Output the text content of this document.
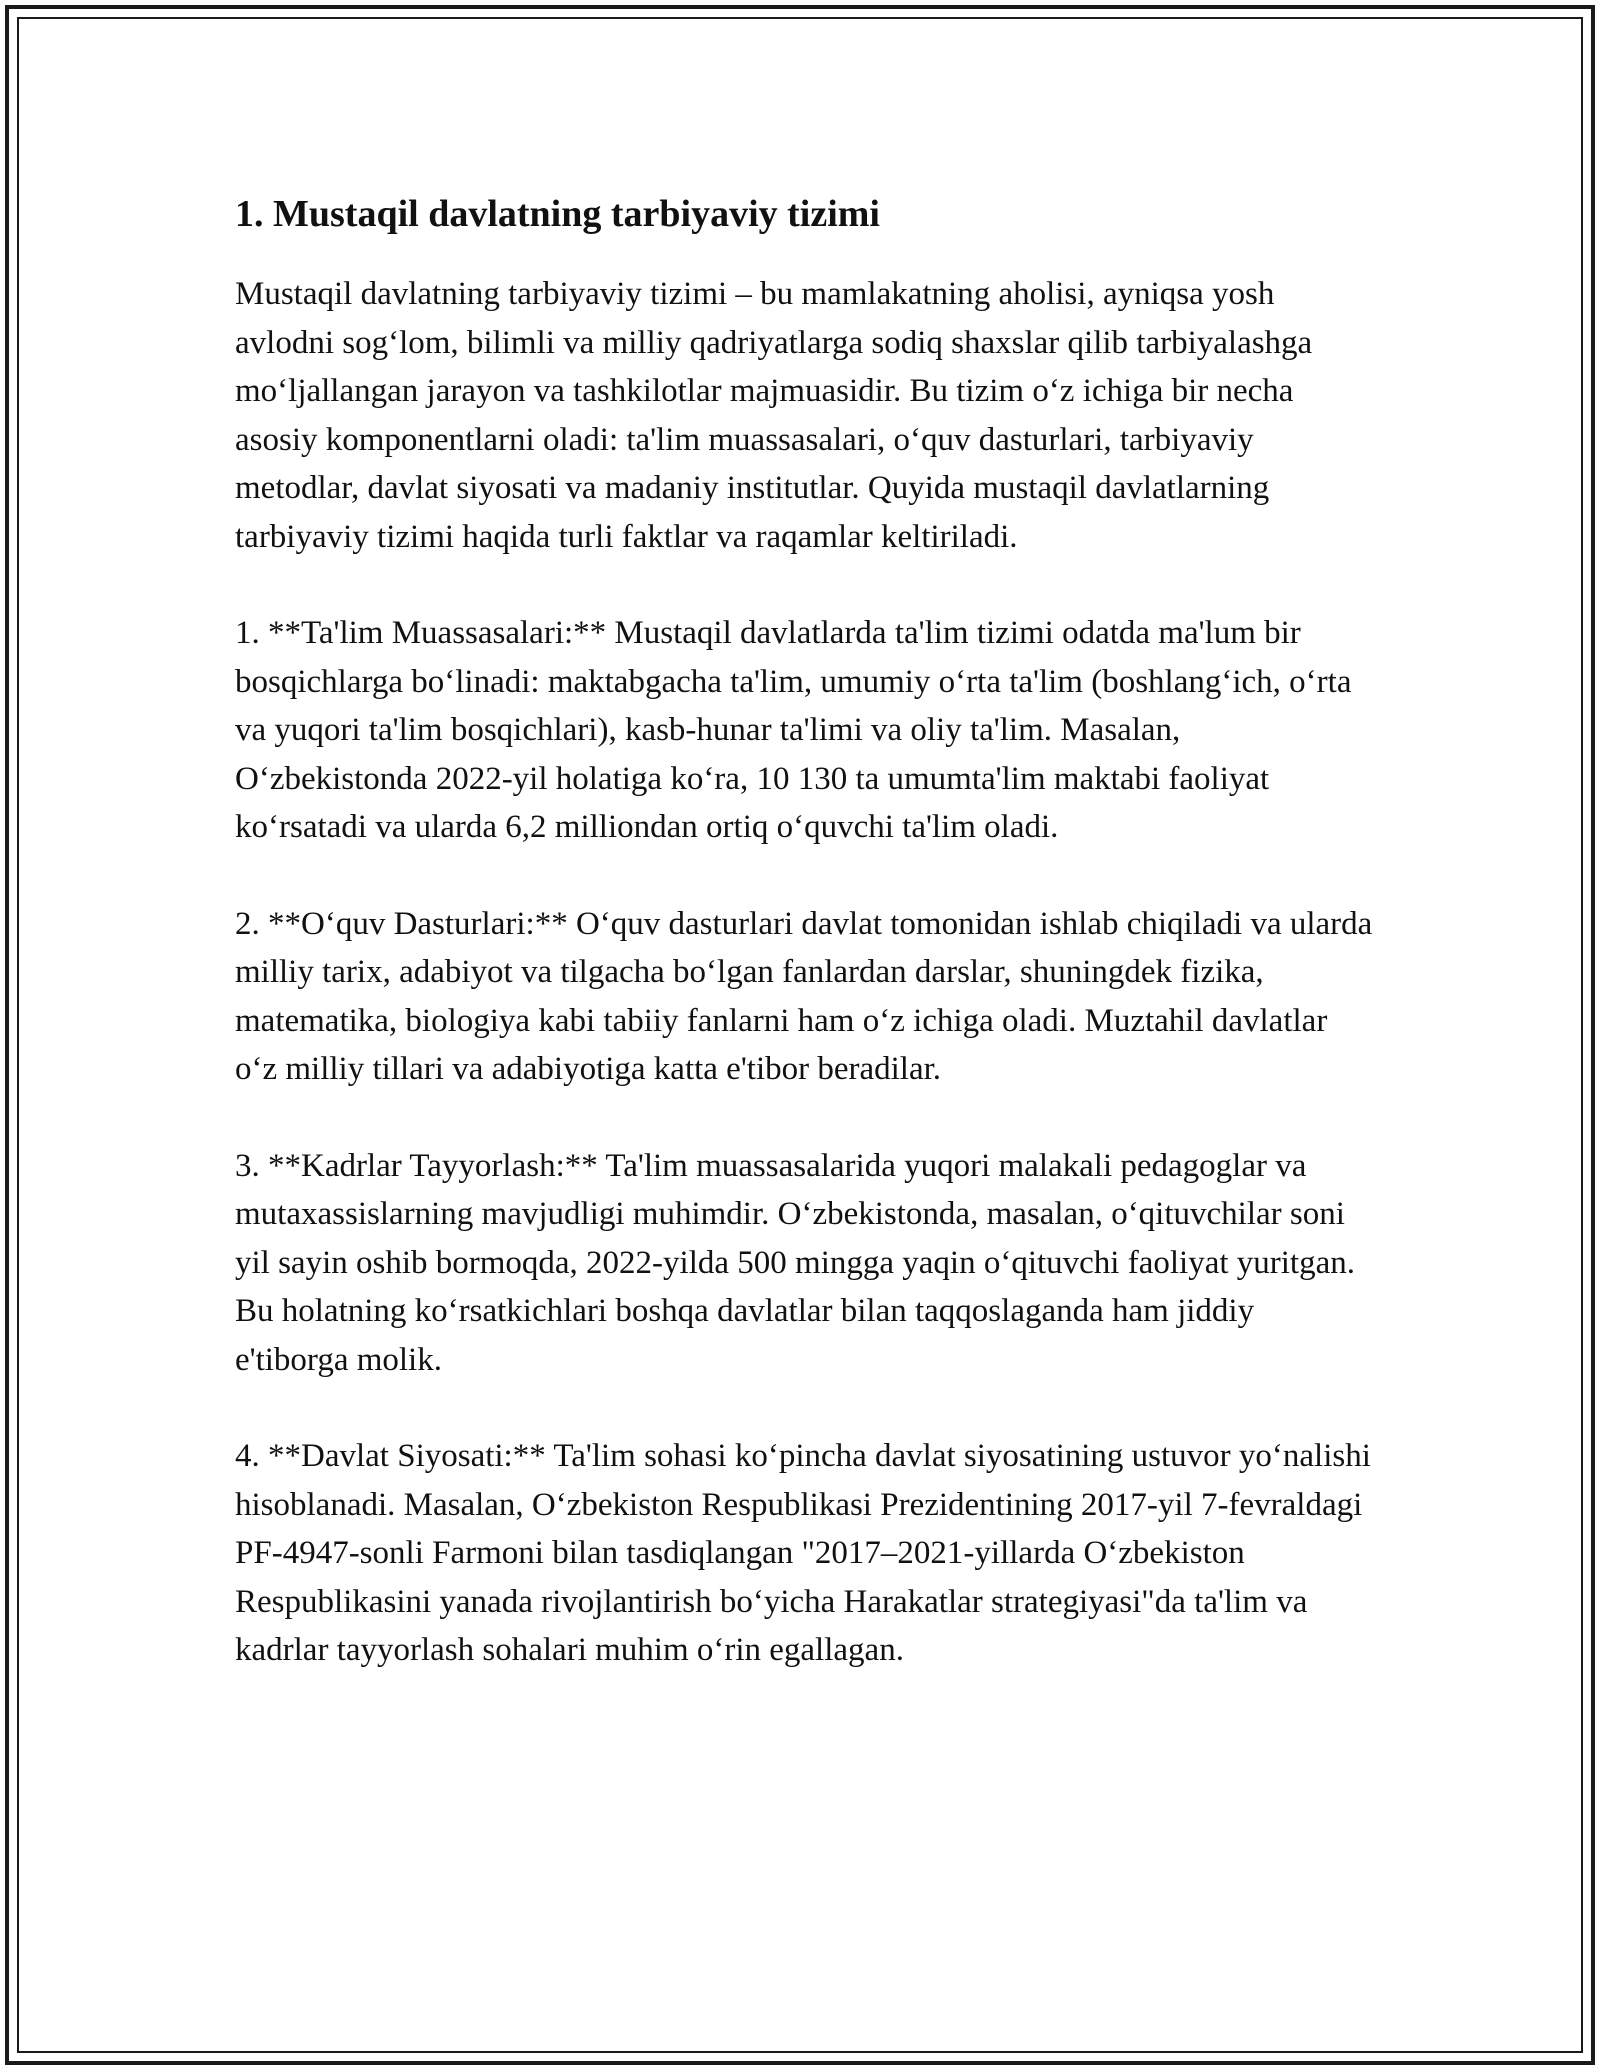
1. Mustaqil davlatning tarbiyaviy tizimi

Mustaqil davlatning tarbiyaviy tizimi – bu mamlakatning aholisi, ayniqsa yosh avlodni sog‘lom, bilimli va milliy qadriyatlarga sodiq shaxslar qilib tarbiyalashga mo‘ljallangan jarayon va tashkilotlar majmuasidir. Bu tizim o‘z ichiga bir necha asosiy komponentlarni oladi: ta'lim muassasalari, o‘quv dasturlari, tarbiyaviy metodlar, davlat siyosati va madaniy institutlar. Quyida mustaqil davlatlarning tarbiyaviy tizimi haqida turli faktlar va raqamlar keltiriladi.

1. **Ta'lim Muassasalari:** Mustaqil davlatlarda ta'lim tizimi odatda ma'lum bir bosqichlarga bo‘linadi: maktabgacha ta'lim, umumiy o‘rta ta'lim (boshlang‘ich, o‘rta va yuqori ta'lim bosqichlari), kasb-hunar ta'limi va oliy ta'lim. Masalan, O‘zbekistonda 2022-yil holatiga ko‘ra, 10 130 ta umumta'lim maktabi faoliyat ko‘rsatadi va ularda 6,2 milliondan ortiq o‘quvchi ta'lim oladi.

2. **O‘quv Dasturlari:** O‘quv dasturlari davlat tomonidan ishlab chiqiladi va ularda milliy tarix, adabiyot va tilgacha bo‘lgan fanlardan darslar, shuningdek fizika, matematika, biologiya kabi tabiiy fanlarni ham o‘z ichiga oladi. Muztahil davlatlar o‘z milliy tillari va adabiyotiga katta e'tibor beradilar.

3. **Kadrlar Tayyorlash:** Ta'lim muassasalarida yuqori malakali pedagoglar va mutaxassislarning mavjudligi muhimdir. O‘zbekistonda, masalan, o‘qituvchilar soni yil sayin oshib bormoqda, 2022-yilda 500 mingga yaqin o‘qituvchi faoliyat yuritgan. Bu holatning ko‘rsatkichlari boshqa davlatlar bilan taqqoslaganda ham jiddiy e'tiborga molik.

4. **Davlat Siyosati:** Ta'lim sohasi ko‘pincha davlat siyosatining ustuvor yo‘nalishi hisoblanadi. Masalan, O‘zbekiston Respublikasi Prezidentining 2017-yil 7-fevraldagi PF-4947-sonli Farmoni bilan tasdiqlangan "2017–2021-yillarda O‘zbekiston Respublikasini yanada rivojlantirish bo‘yicha Harakatlar strategiyasi"da ta'lim va kadrlar tayyorlash sohalari muhim o‘rin egallagan.
